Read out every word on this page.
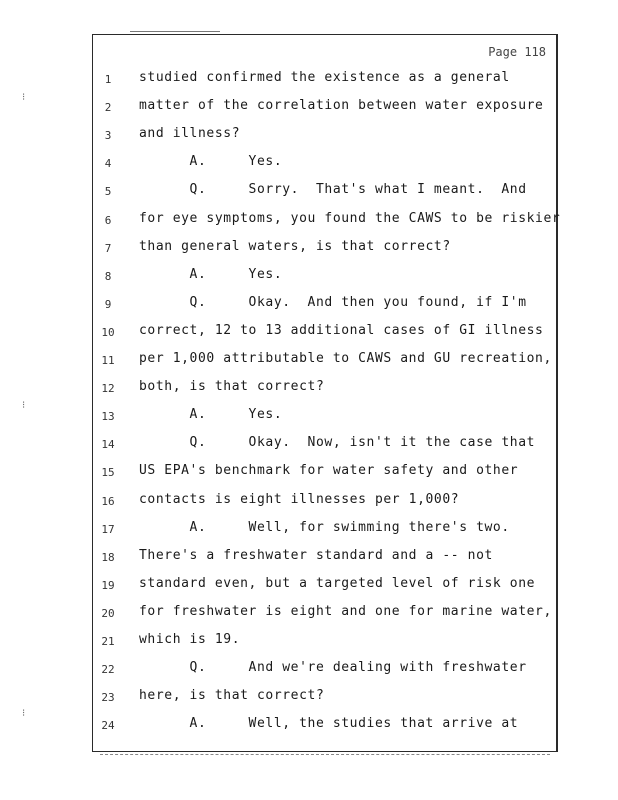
⁝
⁝
⁝
Page 118
1	studied confirmed the existence as a general
2	matter of the correlation between water exposure
3	and illness?
4	A.     Yes.
5	Q.     Sorry.  That's what I meant.  And
6	for eye symptoms, you found the CAWS to be riskier
7	than general waters, is that correct?
8	A.     Yes.
9	Q.     Okay.  And then you found, if I'm
10 correct, 12 to 13 additional cases of GI illness
11 per 1,000 attributable to CAWS and GU recreation,
12 both, is that correct?
13 A.     Yes.
14 Q.     Okay.  Now, isn't it the case that
15 US EPA's benchmark for water safety and other
16 contacts is eight illnesses per 1,000?
17 A.     Well, for swimming there's two.
18 There's a freshwater standard and a -- not
19 standard even, but a targeted level of risk one
20 for freshwater is eight and one for marine water,
21 which is 19.
22 Q.     And we're dealing with freshwater
23 here, is that correct?
24 A.     Well, the studies that arrive at
